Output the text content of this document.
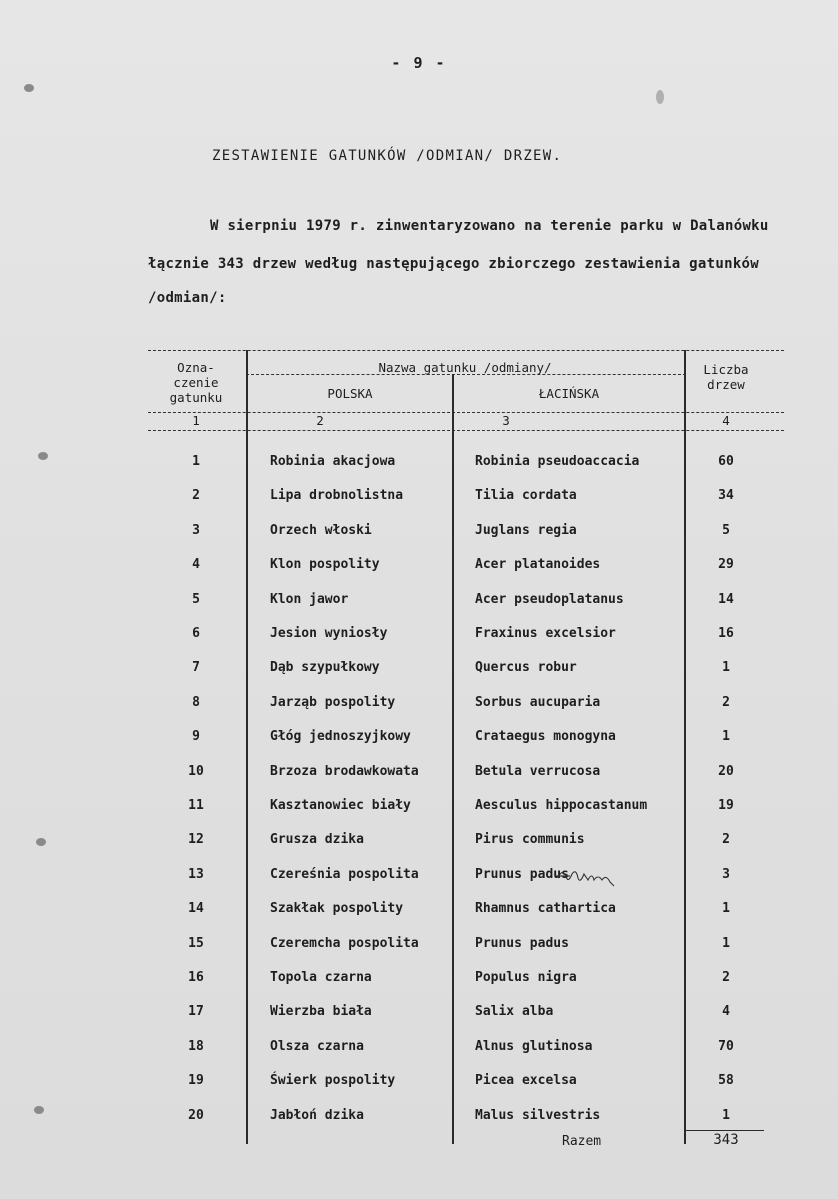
- 9 -
ZESTAWIENIE GATUNKÓW /ODMIAN/ DRZEW.
W sierpniu 1979 r. zinwentaryzowano na terenie parku w Dalanówku
łącznie 343 drzew według następującego zbiorczego zestawienia gatunków
/odmian/:
Ozna-
czenie
gatunku
Nazwa gatunku /odmiany/
POLSKA	ŁACIŃSKA
Liczba
drzew
1	2	3	4
1	Robinia akacjowa	Robinia pseudoaccacia	60
2	Lipa drobnolistna	Tilia cordata	34
3	Orzech włoski	Juglans regia	5
4	Klon pospolity	Acer platanoides	29
5	Klon jawor	Acer pseudoplatanus	14
6	Jesion wyniosły	Fraxinus excelsior	16
7	Dąb szypułkowy	Quercus robur	1
8	Jarząb pospolity	Sorbus aucuparia	2
9	Głóg jednoszyjkowy	Crataegus monogyna	1
10	Brzoza brodawkowata	Betula verrucosa	20
11	Kasztanowiec biały	Aesculus hippocastanum	19
12	Grusza dzika	Pirus communis	2
13	Czereśnia pospolita	Prunus padus	3
14	Szakłak pospolity	Rhamnus cathartica	1
15	Czeremcha pospolita	Prunus padus	1
16	Topola czarna	Populus nigra	2
17	Wierzba biała	Salix alba	4
18	Olsza czarna	Alnus glutinosa	70
19	Świerk pospolity	Picea excelsa	58
20	Jabłoń dzika	Malus silvestris	1
Razem	343
